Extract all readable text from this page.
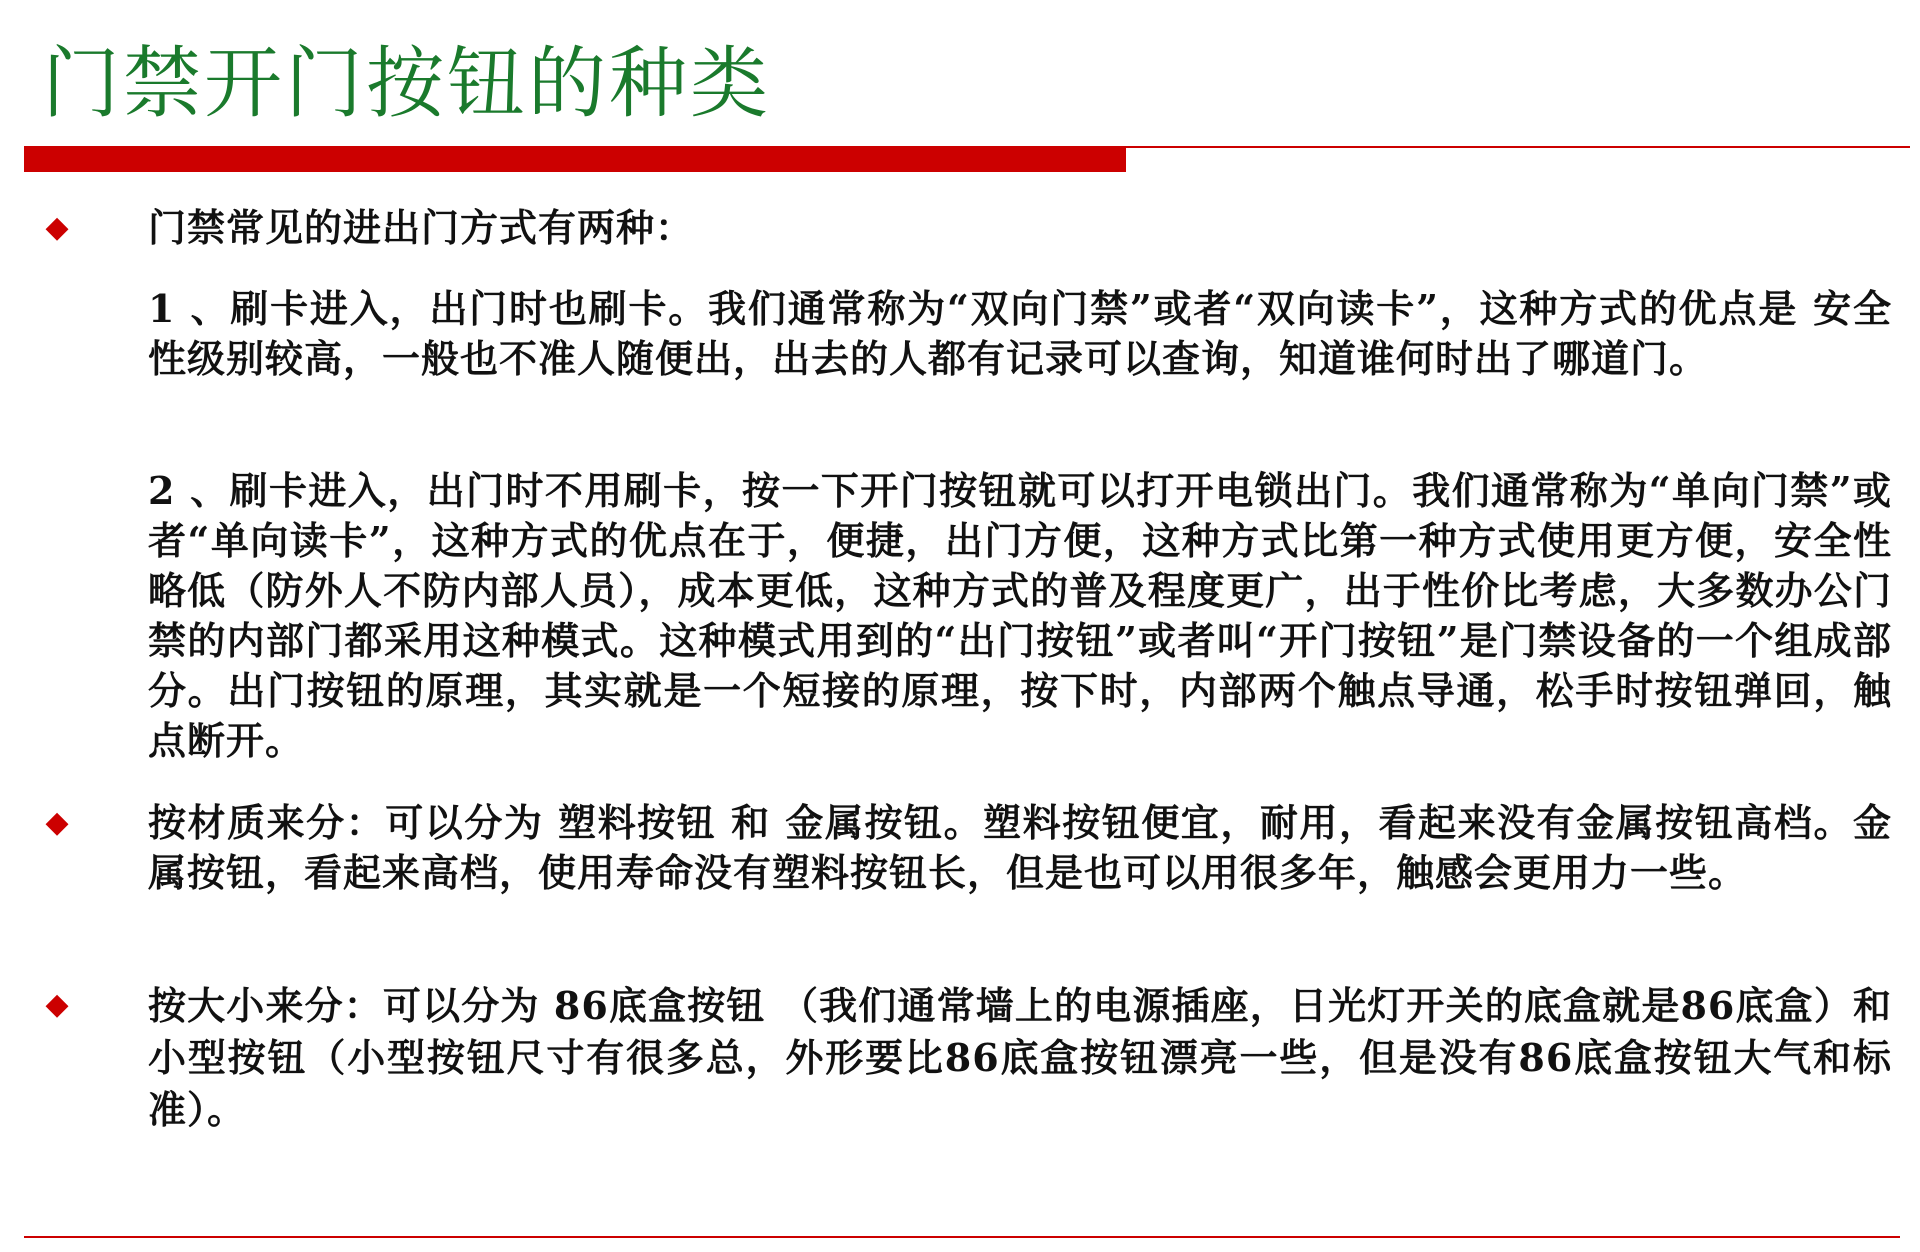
门禁开门按钮的种类
◆ 门禁常见的进出门方式有两种：

1 、刷卡进入，出门时也刷卡。我们通常称为“双向门禁”或者“双向读卡”，这种方式的优点是 安全性级别较高，一般也不准人随便出，出去的人都有记录可以查询，知道谁何时出了哪道门。

2 、刷卡进入，出门时不用刷卡，按一下开门按钮就可以打开电锁出门。我们通常称为“单向门禁”或者“单向读卡”，这种方式的优点在于，便捷，出门方便，这种方式比第一种方式使用更方便，安全性略低（防外人不防内部人员），成本更低，这种方式的普及程度更广，出于性价比考虑，大多数办公门禁的内部门都采用这种模式。这种模式用到的“出门按钮”或者叫“开门按钮”是门禁设备的一个组成部分。出门按钮的原理，其实就是一个短接的原理，按下时，内部两个触点导通，松手时按钮弹回，触点断开。

◆ 按材质来分：可以分为 塑料按钮 和 金属按钮。塑料按钮便宜，耐用，看起来没有金属按钮高档。金属按钮，看起来高档，使用寿命没有塑料按钮长，但是也可以用很多年，触感会更用力一些。

◆ 按大小来分：可以分为 86底盒按钮 （我们通常墙上的电源插座，日光灯开关的底盒就是86底盒）和 小型按钮（小型按钮尺寸有很多总，外形要比86底盒按钮漂亮一些，但是没有86底盒按钮大气和标准）。
